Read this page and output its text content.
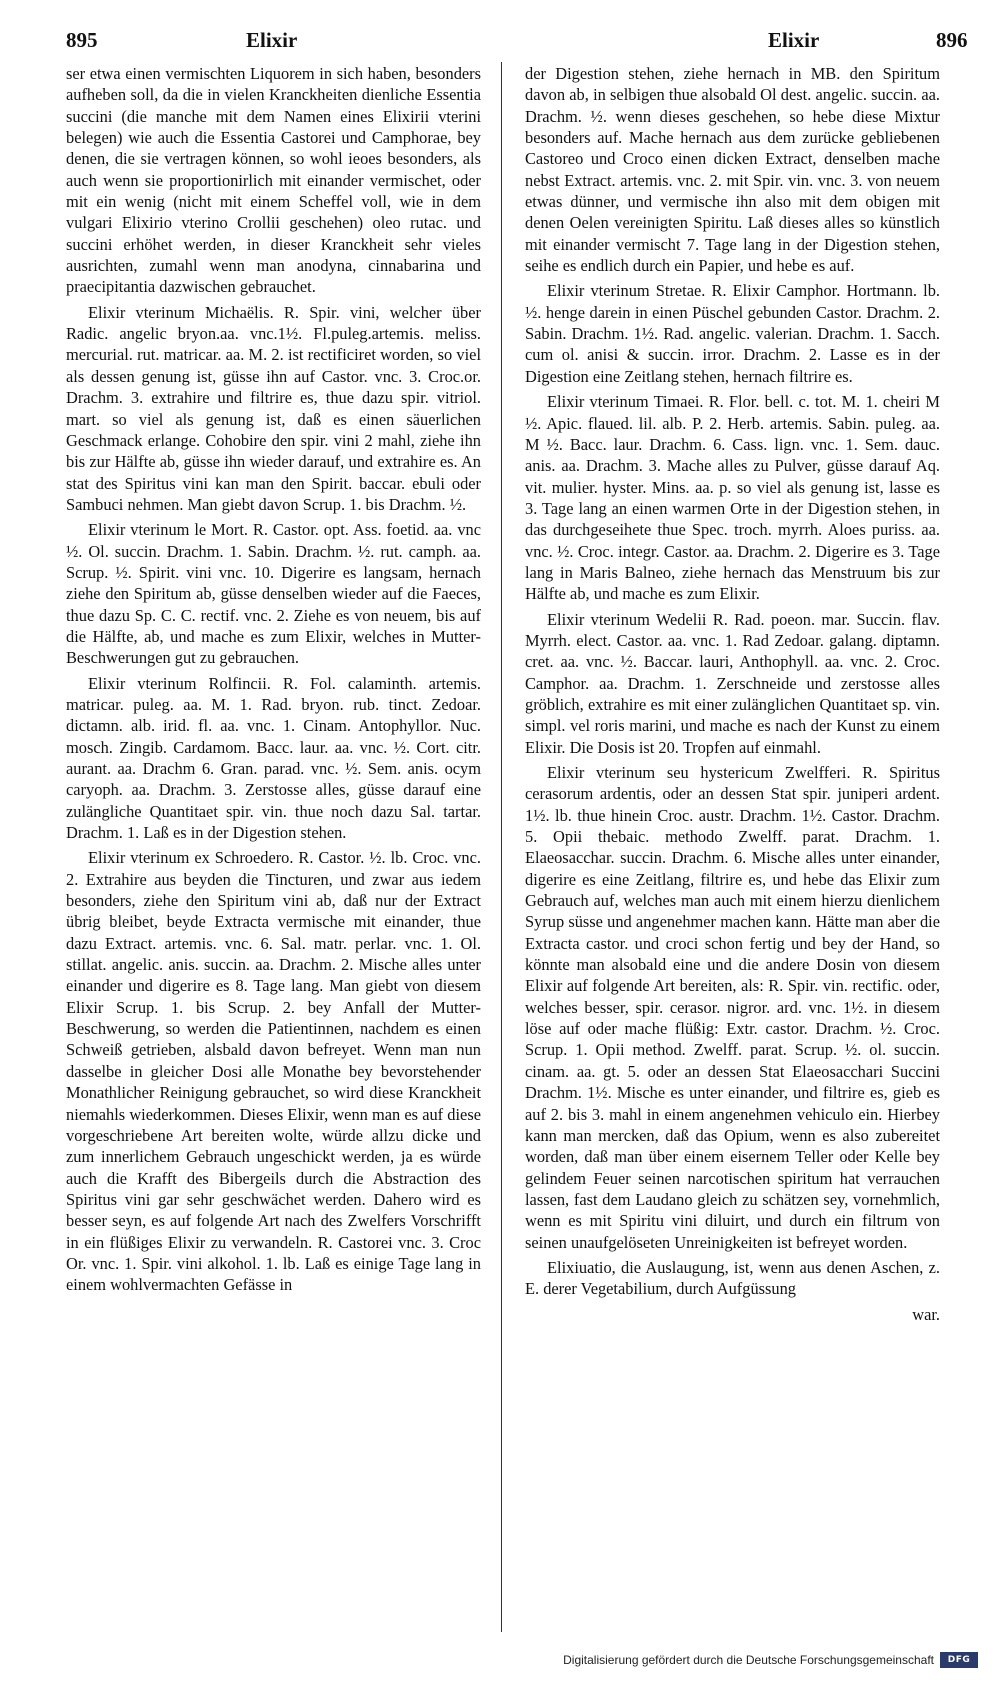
895	Elixir	Elixir	896

ser etwa einen vermischten Liquorem in sich haben, besonders aufheben soll, da die in vielen Kranckheiten dienliche Essentia succini (die manche mit dem Namen eines Elixirii vterini belegen) wie auch die Essentia Castorei und Camphorae, bey denen, die sie vertragen können, so wohl ieoes besonders, als auch wenn sie proportionirlich mit einander vermischet, oder mit ein wenig (nicht mit einem Scheffel voll, wie in dem vulgari Elixirio vterino Crollii geschehen) oleo rutac. und succini erhöhet werden, in dieser Kranckheit sehr vieles ausrichten, zumahl wenn man anodyna, cinnabarina und praecipitantia dazwischen gebrauchet.

Elixir vterinum Michaëlis. R. Spir. vini, welcher über Radic. angelic bryon.aa. vnc.1½. Fl.puleg.artemis. meliss. mercurial. rut. matricar. aa. M. 2. ist rectificiret worden, so viel als dessen genung ist, güsse ihn auf Castor. vnc. 3. Croc.or. Drachm. 3. extrahire und filtrire es, thue dazu spir. vitriol. mart. so viel als genung ist, daß es einen säuerlichen Geschmack erlange. Cohobire den spir. vini 2 mahl, ziehe ihn bis zur Hälfte ab, güsse ihn wieder darauf, und extrahire es. An stat des Spiritus vini kan man den Spirit. baccar. ebuli oder Sambuci nehmen. Man giebt davon Scrup. 1. bis Drachm. ½.

Elixir vterinum le Mort. R. Castor. opt. Ass. foetid. aa. vnc ½. Ol. succin. Drachm. 1. Sabin. Drachm. ½. rut. camph. aa. Scrup. ½. Spirit. vini vnc. 10. Digerire es langsam, hernach ziehe den Spiritum ab, güsse denselben wieder auf die Faeces, thue dazu Sp. C. C. rectif. vnc. 2. Ziehe es von neuem, bis auf die Hälfte, ab, und mache es zum Elixir, welches in Mutter-Beschwerungen gut zu gebrauchen.

Elixir vterinum Rolfincii. R. Fol. calaminth. artemis. matricar. puleg. aa. M. 1. Rad. bryon. rub. tinct. Zedoar. dictamn. alb. irid. fl. aa. vnc. 1. Cinam. Antophyllor. Nuc. mosch. Zingib. Cardamom. Bacc. laur. aa. vnc. ½. Cort. citr. aurant. aa. Drachm 6. Gran. parad. vnc. ½. Sem. anis. ocym caryoph. aa. Drachm. 3. Zerstosse alles, güsse darauf eine zulängliche Quantitaet spir. vin. thue noch dazu Sal. tartar. Drachm. 1. Laß es in der Digestion stehen.

Elixir vterinum ex Schroedero. R. Castor. ½. lb. Croc. vnc. 2. Extrahire aus beyden die Tincturen, und zwar aus iedem besonders, ziehe den Spiritum vini ab, daß nur der Extract übrig bleibet, beyde Extracta vermische mit einander, thue dazu Extract. artemis. vnc. 6. Sal. matr. perlar. vnc. 1. Ol. stillat. angelic. anis. succin. aa. Drachm. 2. Mische alles unter einander und digerire es 8. Tage lang. Man giebt von diesem Elixir Scrup. 1. bis Scrup. 2. bey Anfall der Mutter-Beschwerung, so werden die Patientinnen, nachdem es einen Schweiß getrieben, alsbald davon befreyet. Wenn man nun dasselbe in gleicher Dosi alle Monathe bey bevorstehender Monathlicher Reinigung gebrauchet, so wird diese Kranckheit niemahls wiederkommen. Dieses Elixir, wenn man es auf diese vorgeschriebene Art bereiten wolte, würde allzu dicke und zum innerlichem Gebrauch ungeschickt werden, ja es würde auch die Krafft des Bibergeils durch die Abstraction des Spiritus vini gar sehr geschwächet werden. Dahero wird es besser seyn, es auf folgende Art nach des Zwelfers Vorschrifft in ein flüßiges Elixir zu verwandeln. R. Castorei vnc. 3. Croc Or. vnc. 1. Spir. vini alkohol. 1. lb. Laß es einige Tage lang in einem wohlvermachten Gefässe in

der Digestion stehen, ziehe hernach in MB. den Spiritum davon ab, in selbigen thue alsobald Ol dest. angelic. succin. aa. Drachm. ½. wenn dieses geschehen, so hebe diese Mixtur besonders auf. Mache hernach aus dem zurücke gebliebenen Castoreo und Croco einen dicken Extract, denselben mache nebst Extract. artemis. vnc. 2. mit Spir. vin. vnc. 3. von neuem etwas dünner, und vermische ihn also mit dem obigen mit denen Oelen vereinigten Spiritu. Laß dieses alles so künstlich mit einander vermischt 7. Tage lang in der Digestion stehen, seihe es endlich durch ein Papier, und hebe es auf.

Elixir vterinum Stretae. R. Elixir Camphor. Hortmann. lb. ½. henge darein in einen Püschel gebunden Castor. Drachm. 2. Sabin. Drachm. 1½. Rad. angelic. valerian. Drachm. 1. Sacch. cum ol. anisi & succin. irror. Drachm. 2. Lasse es in der Digestion eine Zeitlang stehen, hernach filtrire es.

Elixir vterinum Timaei. R. Flor. bell. c. tot. M. 1. cheiri M ½. Apic. flaued. lil. alb. P. 2. Herb. artemis. Sabin. puleg. aa. M ½. Bacc. laur. Drachm. 6. Cass. lign. vnc. 1. Sem. dauc. anis. aa. Drachm. 3. Mache alles zu Pulver, güsse darauf Aq. vit. mulier. hyster. Mins. aa. p. so viel als genung ist, lasse es 3. Tage lang an einen warmen Orte in der Digestion stehen, in das durchgeseihete thue Spec. troch. myrrh. Aloes puriss. aa. vnc. ½. Croc. integr. Castor. aa. Drachm. 2. Digerire es 3. Tage lang in Maris Balneo, ziehe hernach das Menstruum bis zur Hälfte ab, und mache es zum Elixir.

Elixir vterinum Wedelii R. Rad. poeon. mar. Succin. flav. Myrrh. elect. Castor. aa. vnc. 1. Rad Zedoar. galang. diptamn. cret. aa. vnc. ½. Baccar. lauri, Anthophyll. aa. vnc. 2. Croc. Camphor. aa. Drachm. 1. Zerschneide und zerstosse alles gröblich, extrahire es mit einer zulänglichen Quantitaet sp. vin. simpl. vel roris marini, und mache es nach der Kunst zu einem Elixir. Die Dosis ist 20. Tropfen auf einmahl.

Elixir vterinum seu hystericum Zwelfferi. R. Spiritus cerasorum ardentis, oder an dessen Stat spir. juniperi ardent. 1½. lb. thue hinein Croc. austr. Drachm. 1½. Castor. Drachm. 5. Opii thebaic. methodo Zwelff. parat. Drachm. 1. Elaeosacchar. succin. Drachm. 6. Mische alles unter einander, digerire es eine Zeitlang, filtrire es, und hebe das Elixir zum Gebrauch auf, welches man auch mit einem hierzu dienlichem Syrup süsse und angenehmer machen kann. Hätte man aber die Extracta castor. und croci schon fertig und bey der Hand, so könnte man alsobald eine und die andere Dosin von diesem Elixir auf folgende Art bereiten, als: R. Spir. vin. rectific. oder, welches besser, spir. cerasor. nigror. ard. vnc. 1½. in diesem löse auf oder mache flüßig: Extr. castor. Drachm. ½. Croc. Scrup. 1. Opii method. Zwelff. parat. Scrup. ½. ol. succin. cinam. aa. gt. 5. oder an dessen Stat Elaeosacchari Succini Drachm. 1½. Mische es unter einander, und filtrire es, gieb es auf 2. bis 3. mahl in einem angenehmen vehiculo ein. Hierbey kann man mercken, daß das Opium, wenn es also zubereitet worden, daß man über einem eisernem Teller oder Kelle bey gelindem Feuer seinen narcotischen spiritum hat verrauchen lassen, fast dem Laudano gleich zu schätzen sey, vornehmlich, wenn es mit Spiritu vini diluirt, und durch ein filtrum von seinen unaufgelöseten Unreinigkeiten ist befreyet worden.

Elixiuatio, die Auslaugung, ist, wenn aus denen Aschen, z. E. derer Vegetabilium, durch Aufgüssung

war.

Digitalisierung gefördert durch die Deutsche Forschungsgemeinschaft	DFG
